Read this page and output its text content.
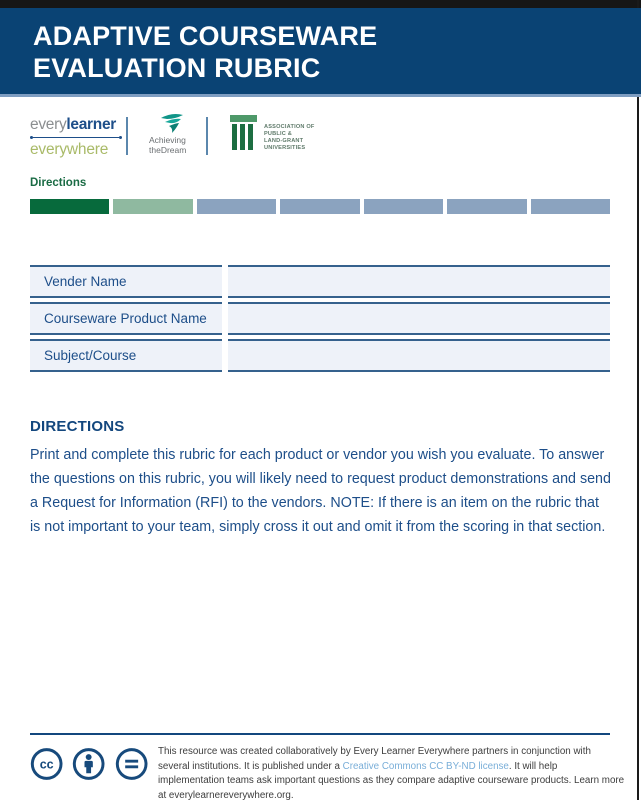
ADAPTIVE COURSEWARE
EVALUATION RUBRIC
everylearner
everywhere
Achieving
theDream
ASSOCIATION OF
PUBLIC &
LAND-GRANT
UNIVERSITIES
Directions
Vender Name
Courseware Product Name
Subject/Course
DIRECTIONS
Print and complete this rubric for each product or vendor you wish you evaluate. To answer the questions on this rubric, you will likely need to request product demonstrations and send a Request for Information (RFI) to the vendors. NOTE: If there is an item on the rubric that is not important to your team, simply cross it out and omit it from the scoring in that section.
cc
This resource was created collaboratively by Every Learner Everywhere partners in conjunction with several institutions. It is published under a Creative Commons CC BY-ND license. It will help implementation teams ask important questions as they compare adaptive courseware products. Learn more at everylearnereverywhere.org.
